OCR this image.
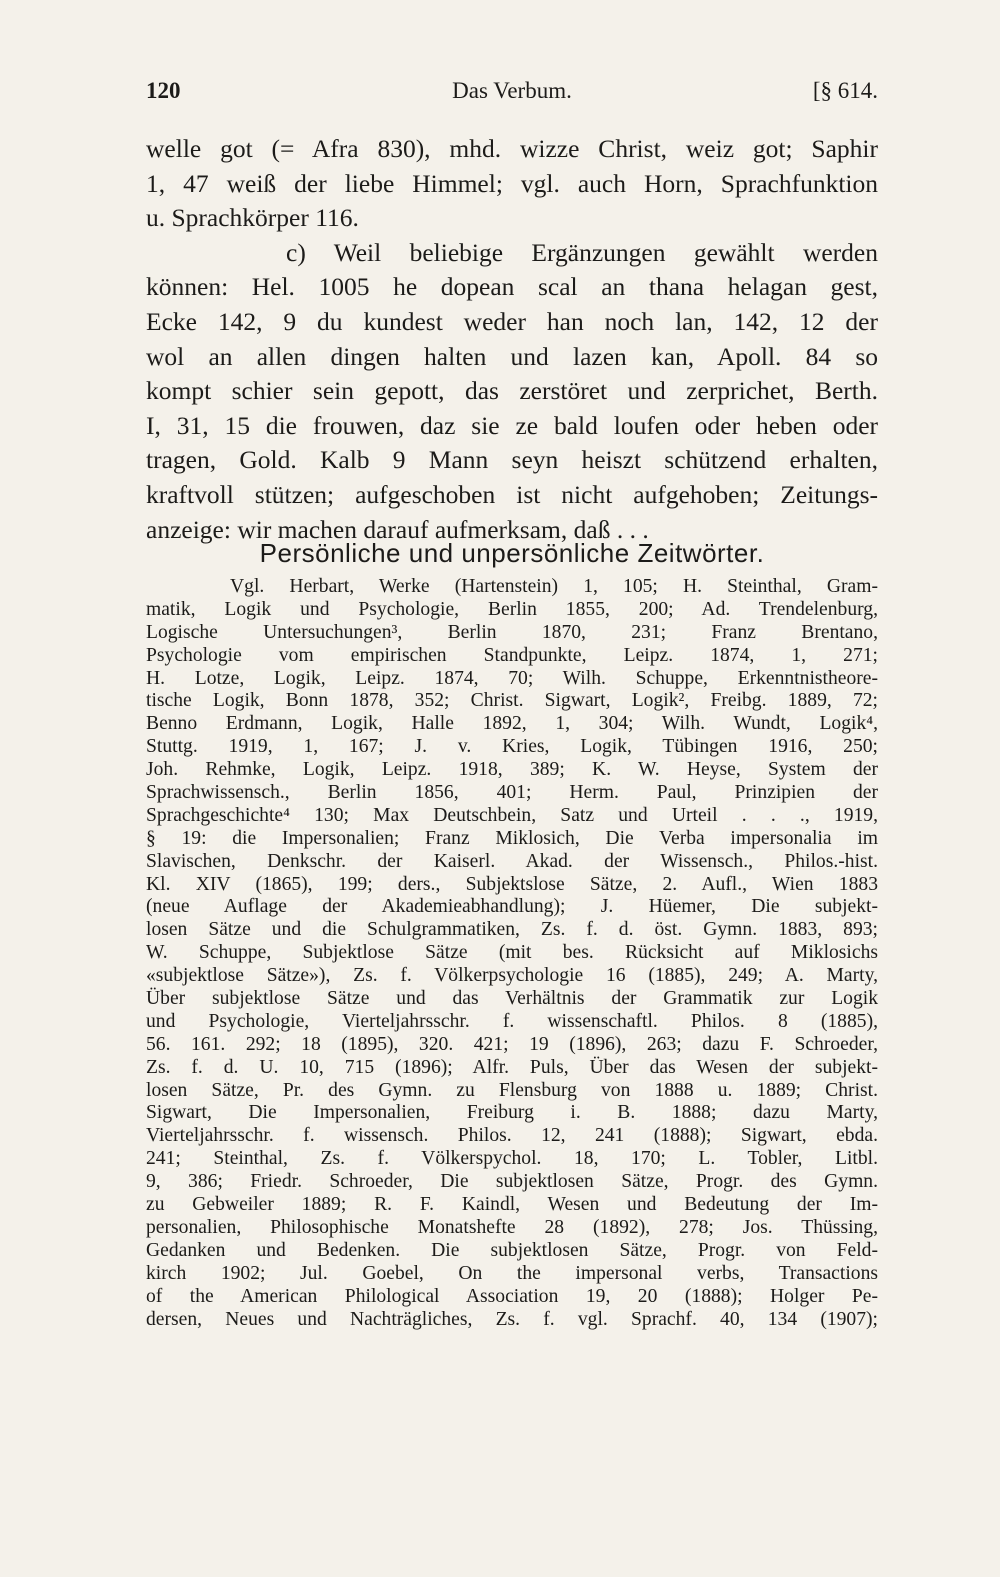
120	Das Verbum.	[§ 614.
welle got (= Afra 830), mhd. wizze Christ, weiz got; Saphir
1, 47 weiß der liebe Himmel; vgl. auch Horn, Sprachfunktion
u. Sprachkörper 116.
c) Weil beliebige Ergänzungen gewählt werden
können: Hel. 1005 he dopean scal an thana helagan gest,
Ecke 142, 9 du kundest weder han noch lan, 142, 12 der
wol an allen dingen halten und lazen kan, Apoll. 84 so
kompt schier sein gepott, das zerstöret und zerprichet, Berth.
I, 31, 15 die frouwen, daz sie ze bald loufen oder heben oder
tragen, Gold. Kalb 9 Mann seyn heiszt schützend erhalten,
kraftvoll stützen; aufgeschoben ist nicht aufgehoben; Zeitungs-
anzeige: wir machen darauf aufmerksam, daß . . .
Persönliche und unpersönliche Zeitwörter.
Vgl. Herbart, Werke (Hartenstein) 1, 105; H. Steinthal, Gram-
matik, Logik und Psychologie, Berlin 1855, 200; Ad. Trendelenburg,
Logische Untersuchungen³, Berlin 1870, 231; Franz Brentano,
Psychologie vom empirischen Standpunkte, Leipz. 1874, 1, 271;
H. Lotze, Logik, Leipz. 1874, 70; Wilh. Schuppe, Erkenntnistheore-
tische Logik, Bonn 1878, 352; Christ. Sigwart, Logik², Freibg. 1889, 72;
Benno Erdmann, Logik, Halle 1892, 1, 304; Wilh. Wundt, Logik⁴,
Stuttg. 1919, 1, 167; J. v. Kries, Logik, Tübingen 1916, 250;
Joh. Rehmke, Logik, Leipz. 1918, 389; K. W. Heyse, System der
Sprachwissensch., Berlin 1856, 401; Herm. Paul, Prinzipien der
Sprachgeschichte⁴ 130; Max Deutschbein, Satz und Urteil . . ., 1919,
§ 19: die Impersonalien; Franz Miklosich, Die Verba impersonalia im
Slavischen, Denkschr. der Kaiserl. Akad. der Wissensch., Philos.-hist.
Kl. XIV (1865), 199; ders., Subjektslose Sätze, 2. Aufl., Wien 1883
(neue Auflage der Akademieabhandlung); J. Hüemer, Die subjekt-
losen Sätze und die Schulgrammatiken, Zs. f. d. öst. Gymn. 1883, 893;
W. Schuppe, Subjektlose Sätze (mit bes. Rücksicht auf Miklosichs
«subjektlose Sätze»), Zs. f. Völkerpsychologie 16 (1885), 249; A. Marty,
Über subjektlose Sätze und das Verhältnis der Grammatik zur Logik
und Psychologie, Vierteljahrsschr. f. wissenschaftl. Philos. 8 (1885),
56. 161. 292; 18 (1895), 320. 421; 19 (1896), 263; dazu F. Schroeder,
Zs. f. d. U. 10, 715 (1896); Alfr. Puls, Über das Wesen der subjekt-
losen Sätze, Pr. des Gymn. zu Flensburg von 1888 u. 1889; Christ.
Sigwart, Die Impersonalien, Freiburg i. B. 1888; dazu Marty,
Vierteljahrsschr. f. wissensch. Philos. 12, 241 (1888); Sigwart, ebda.
241; Steinthal, Zs. f. Völkerspychol. 18, 170; L. Tobler, Litbl.
9, 386; Friedr. Schroeder, Die subjektlosen Sätze, Progr. des Gymn.
zu Gebweiler 1889; R. F. Kaindl, Wesen und Bedeutung der Im-
personalien, Philosophische Monatshefte 28 (1892), 278; Jos. Thüssing,
Gedanken und Bedenken. Die subjektlosen Sätze, Progr. von Feld-
kirch 1902; Jul. Goebel, On the impersonal verbs, Transactions
of the American Philological Association 19, 20 (1888); Holger Pe-
dersen, Neues und Nachträgliches, Zs. f. vgl. Sprachf. 40, 134 (1907);
